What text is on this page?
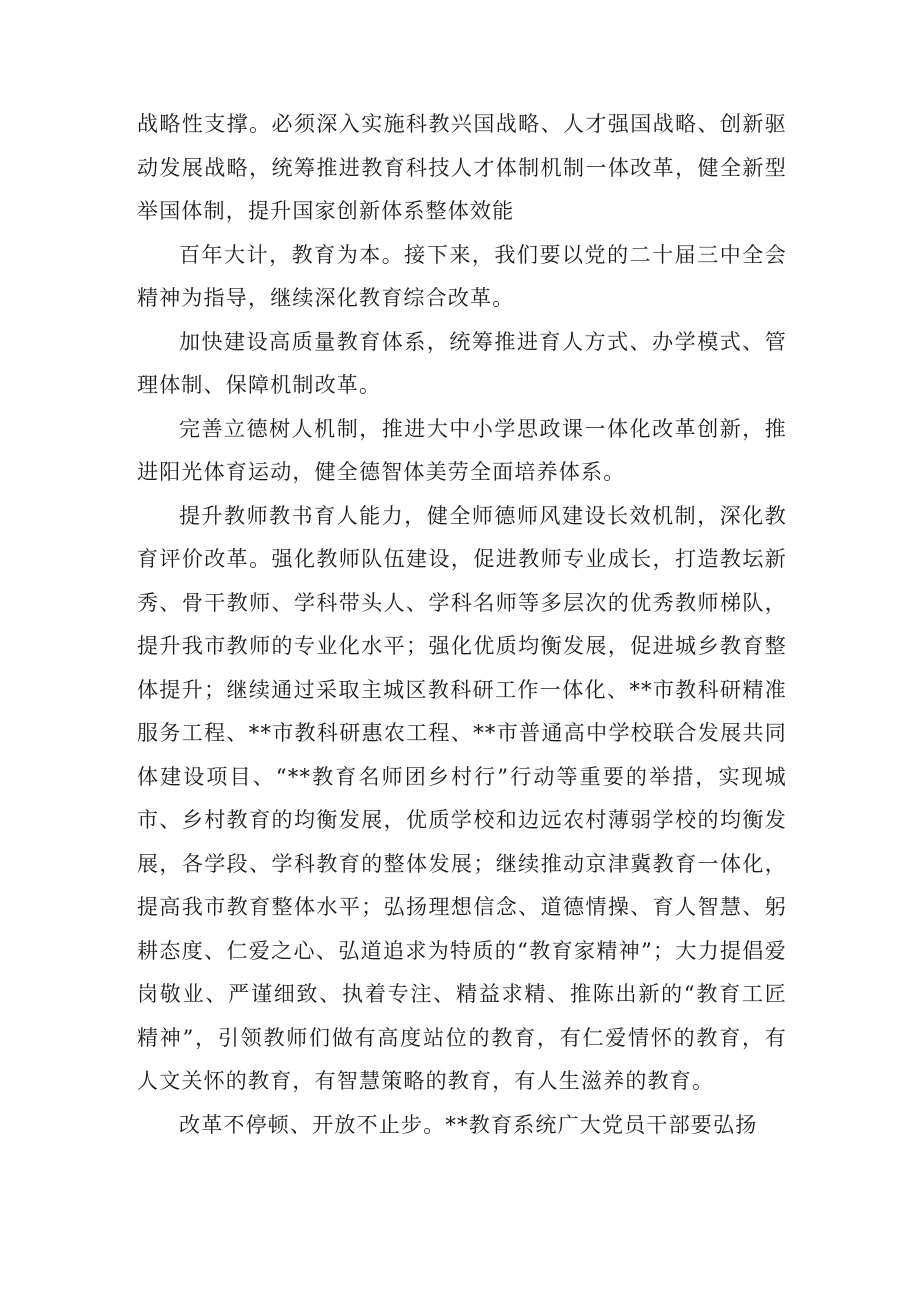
战略性支撑。必须深入实施科教兴国战略、人才强国战略、创新驱动发展战略，统筹推进教育科技人才体制机制一体改革，健全新型举国体制，提升国家创新体系整体效能

百年大计，教育为本。接下来，我们要以党的二十届三中全会精神为指导，继续深化教育综合改革。

加快建设高质量教育体系，统筹推进育人方式、办学模式、管理体制、保障机制改革。

完善立德树人机制，推进大中小学思政课一体化改革创新，推进阳光体育运动，健全德智体美劳全面培养体系。

提升教师教书育人能力，健全师德师风建设长效机制，深化教育评价改革。强化教师队伍建设，促进教师专业成长，打造教坛新秀、骨干教师、学科带头人、学科名师等多层次的优秀教师梯队，提升我市教师的专业化水平；强化优质均衡发展，促进城乡教育整体提升；继续通过采取主城区教科研工作一体化、**市教科研精准服务工程、**市教科研惠农工程、**市普通高中学校联合发展共同体建设项目、“**教育名师团乡村行”行动等重要的举措，实现城市、乡村教育的均衡发展，优质学校和边远农村薄弱学校的均衡发展，各学段、学科教育的整体发展；继续推动京津冀教育一体化，提高我市教育整体水平；弘扬理想信念、道德情操、育人智慧、躬耕态度、仁爱之心、弘道追求为特质的“教育家精神”；大力提倡爱岗敬业、严谨细致、执着专注、精益求精、推陈出新的“教育工匠精神”，引领教师们做有高度站位的教育，有仁爱情怀的教育，有人文关怀的教育，有智慧策略的教育，有人生滋养的教育。

改革不停顿、开放不止步。**教育系统广大党员干部要弘扬
